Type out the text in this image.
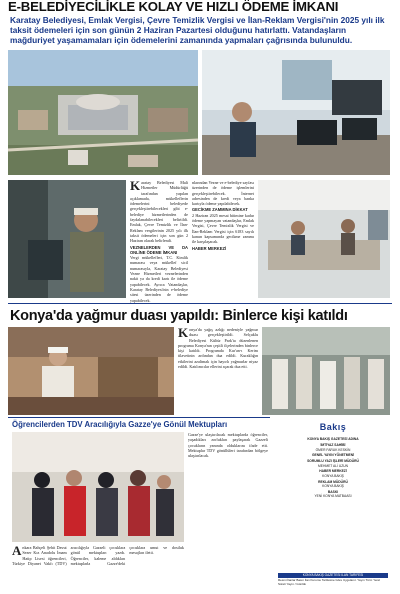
E-BELEDİYECİLİKLE KOLAY VE HIZLI ÖDEME İMKANI
Karatay Belediyesi, Emlak Vergisi, Çevre Temizlik Vergisi ve İlan-Reklam Vergisi'nin 2025 yılı ilk taksit ödemeleri için son günün 2 Haziran Pazartesi olduğunu hatırlattı. Vatandaşların mağduriyet yaşamamaları için ödemelerini zamanında yapmaları çağrısında bulunuldu.
Karatay Belediyesi Mali Hizmetler Müdürlüğü tarafından yapılan açıklamada, mükelleflerin ödemelerini belediyede gerçekleştirebilecekleri gibi e-belediye hizmetlerinden de faydalanabilecekleri belirtildi. Emlak, Çevre Temizlik ve İlan-Reklam vergilerinin 2025 yılı ilk taksit ödemeleri için son gün 2 Haziran olarak belirlendi.
VEZNELERDEN VE DA ONLİNE ÖDEME İMKANI
Vergi mükellefleri, T.C. Kimlik numarası veya mükellef sicil numarasıyla, Karatay Belediyesi Vezne Hizmetleri veznelerinden nakit ya da kredi kartı ile ödeme yapabilecek. Ayrıca Vatandaşlar, Karatay Belediyesi'nin e-belediye sitesi üzerinden de ödeme yapabilecek.
nlarından Vezne ve e-belediye sayfası üzerinden de ödeme işlemlerini gerçekleştirebilecek. İnternet adresinden de kredi veya banka kartıyla ödeme yapılabilecek.
GECİKME ZAMMINA DİKKAT
2 Haziran 2025 mesai bitimine kadar ödeme yapmayan vatandaşlar, Emlak Vergisi, Çevre Temizlik Vergisi ve İlan-Reklam Vergisi için 6183 sayılı kanun kapsamında gecikme zammı ile karşılaşacak.
HABER MERKEZİ
Konya'da yağmur duası yapıldı: Binlerce kişi katıldı
Konya'da yağış azlığı nedeniyle yağmur duası gerçekleştirildi. Selçuklu Belediyesi Kültür Park'ta düzenlenen programa Konya'nın çeşitli ilçelerinden binlerce kişi katıldı. Programda Kur'an-ı Kerim tilavetinin ardından dua edildi. Kuraklığın etkilerini azaltmak için hayırlı yağmurlar niyaz edildi. Katılımcılar ellerini açarak dua etti.
Öğrencilerden TDV Aracılığıyla Gazze'ye Gönül Mektupları
Gazze'ye ulaştırılacak mektuplarda öğrenciler, yaşadıkları zorlukları paylaşarak Gazzeli çocukların yanında olduklarını ifade etti. Mektuplar TDV gönüllüleri tarafından bölgeye ulaştırılacak.
Ankara Bahçeli Şehit Davut Sezer Kız Anadolu İmam Hatip Lisesi öğrencileri, Türkiye Diyanet Vakfı (TDV) aracılığıyla Gazzeli çocuklara gönül mektupları yazdı. Öğrenciler, kaleme aldıkları mektuplarla Gazze'deki çocuklara umut ve dostluk mesajları iletti.
Bakış
KONYA BAKIŞ GAZETESİ ADINA
İMTİYAZ SAHİBİ
ÖMER FARUK KESKİN
GENEL YAYIN YÖNETMENİ
SORUMLU YAZI İŞLERİ MÜDÜRÜ
MEHMET ALİ UZUN
HABER MERKEZİ
KONYA BAKIŞ
REKLAM MÜDÜRÜ
KONYA BAKIŞ
BASKI
YENİ KONYA MATBAASI
KONYA BAKIŞ GAZETESİ İLAN TARİFESİ
Resmi İlanlar Basın İlan Kurumu Tarifesine Göre Uygulanır. Yayın Türü: Yerel Süreli Yayın / Günlük
